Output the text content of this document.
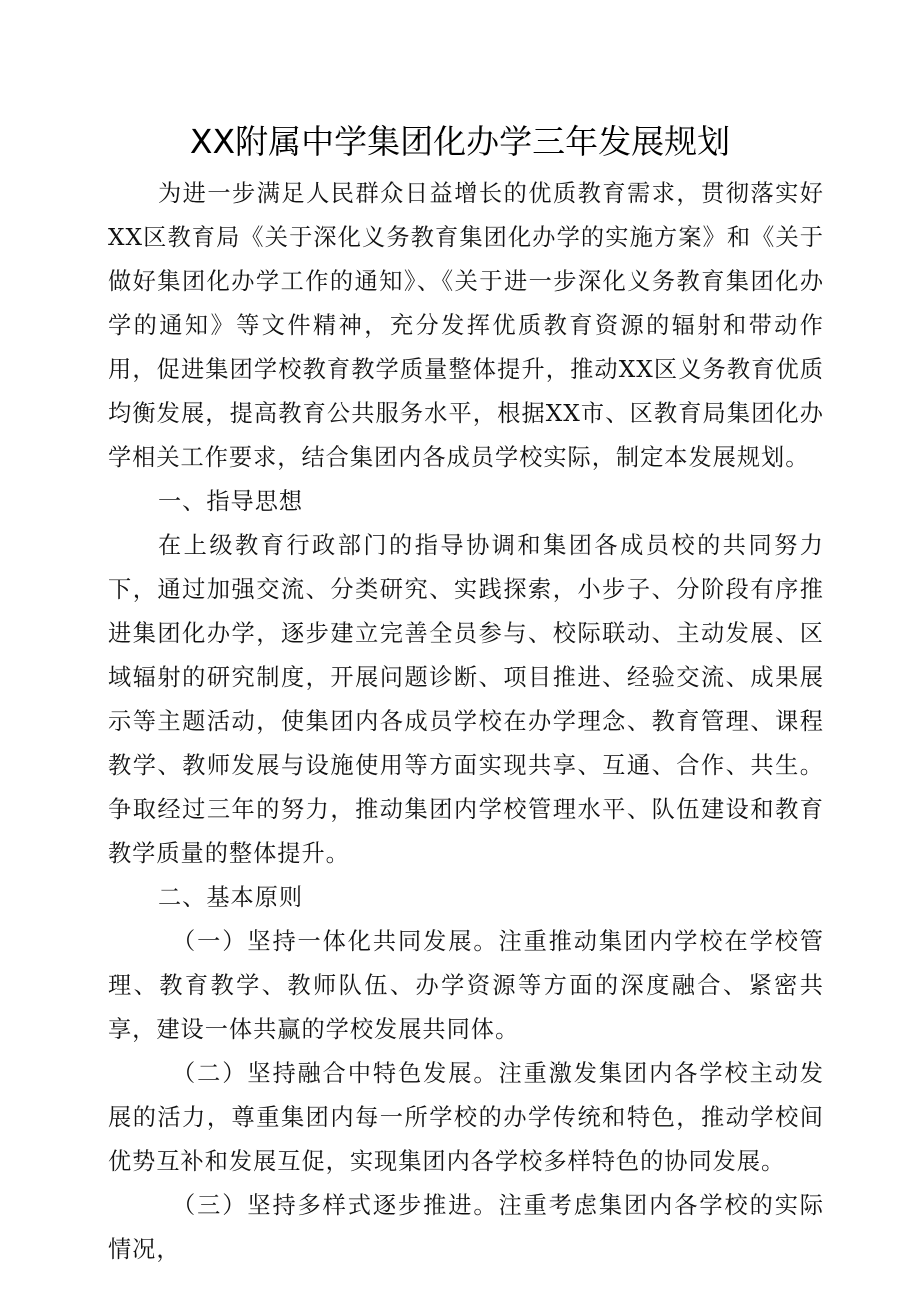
XX附属中学集团化办学三年发展规划

为进一步满足人民群众日益增长的优质教育需求，贯彻落实好XX区教育局《关于深化义务教育集团化办学的实施方案》和《关于做好集团化办学工作的通知》、《关于进一步深化义务教育集团化办学的通知》等文件精神，充分发挥优质教育资源的辐射和带动作用，促进集团学校教育教学质量整体提升，推动XX区义务教育优质均衡发展，提高教育公共服务水平，根据XX市、区教育局集团化办学相关工作要求，结合集团内各成员学校实际，制定本发展规划。

一、指导思想

在上级教育行政部门的指导协调和集团各成员校的共同努力下，通过加强交流、分类研究、实践探索，小步子、分阶段有序推进集团化办学，逐步建立完善全员参与、校际联动、主动发展、区域辐射的研究制度，开展问题诊断、项目推进、经验交流、成果展示等主题活动，使集团内各成员学校在办学理念、教育管理、课程教学、教师发展与设施使用等方面实现共享、互通、合作、共生。争取经过三年的努力，推动集团内学校管理水平、队伍建设和教育教学质量的整体提升。

二、基本原则

（一）坚持一体化共同发展。注重推动集团内学校在学校管理、教育教学、教师队伍、办学资源等方面的深度融合、紧密共享，建设一体共赢的学校发展共同体。

（二）坚持融合中特色发展。注重激发集团内各学校主动发展的活力，尊重集团内每一所学校的办学传统和特色，推动学校间优势互补和发展互促，实现集团内各学校多样特色的协同发展。

（三）坚持多样式逐步推进。注重考虑集团内各学校的实际情况，
